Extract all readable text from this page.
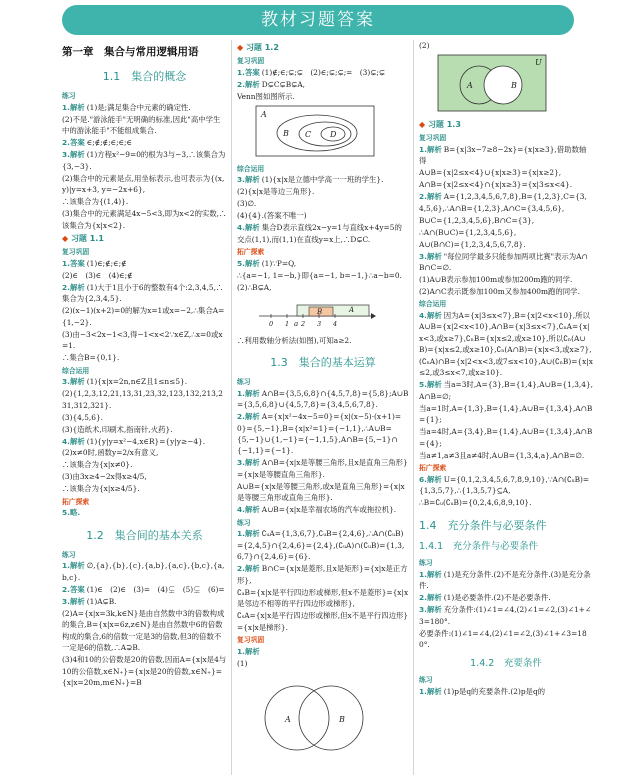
教材习题答案
第一章　集合与常用逻辑用语
1.1　集合的概念
练习
1.解析 (1)是;满足集合中元素的确定性.
(2)不是."游泳能手"无明确的标准,因此"高中学生中的游泳能手"不能组成集合.
2.答案 ∈;∉;∉;∈;∈;∈
3.解析 (1)方程x²−9=0的根为3与−3,∴该集合为{3,−3}.
(2)集合中的元素是点,用坐标表示,也可表示为{(x,y)|y=x+3, y=−2x+6},
∴该集合为{(1,4)}.
(3)集合中的元素满足4x−5<3,即为x<2的实数,∴该集合为{x|x<2}.
◆ 习题 1.1
复习巩固
1.答案 (1)∈;∉;∈;∉
(2)∈　(3)∈　(4)∈;∉
2.解析 (1)大于1且小于6的整数有4个:2,3,4,5,∴集合为{2,3,4,5}.
(2)(x−1)(x+2)=0的解为x=1或x=−2,∴集合A={1,−2}.
(3)由−3<2x−1<3,得−1<x<2∵x∈Z,∴x=0或x=1.
∴集合B={0,1}.
综合运用
3.解析 (1){x|x=2n,n∈Z且1≤n≤5}.
(2){1,2,3,12,21,13,31,23,32,123,132,213,231,312,321}.
(3){4,5,6}.
(3){造纸术,印刷术,指南针,火药}.
4.解析 (1){y|y=x²−4,x∈R}={y|y≥−4}.
(2)x≠0时,函数y=2/x有意义,
∴该集合为{x|x≠0}.
(3)由3x≥4−2x得x≥4/5,
∴该集合为{x|x≥4/5}.
拓广探索
5.略.
1.2　集合间的基本关系
练习
1.解析 ∅,{a},{b},{c},{a,b},{a,c},{b,c},{a,b,c}.
2.答案 (1)∈　(2)∈　(3)=　(4)⊊　(5)⊊　(6)=
3.解析 (1)A⊊B.
(2)A={x|x=3k,k∈N}是由自然数中3的倍数构成的集合,B={x|x=6z,z∈N}是由自然数中6的倍数构成的集合,6的倍数一定是3的倍数,但3的倍数不一定是6的倍数,∴A⊋B.
(3)4和10的公倍数是20的倍数,因而A={x|x是4与10的公倍数,x∈N₊}={x|x是20的倍数,x∈N₊}={x|x=20m,m∈N₊}=B
◆ 习题 1.2
复习巩固
1.答案 (1)∉;∈;⊊;⊊　(2)∈;⊊;⊊;=　(3)⊊;⊊
2.解析 D⊊C⊊B⊊A,
Venn图如图所示.
A
B C D
综合运用
3.解析 (1){x|x是立德中学高一一班的学生}.
(2){x|x是等边三角形}.
(3)∅.
(4){4}.(答案不唯一)
4.解析 集合D表示直线2x−y=1与直线x+4y=5的交点(1,1),而(1,1)在直线y=x上,∴D⊊C.
拓广探索
5.解析 (1)∵P=Q,
∴{a=−1, 1=−b,}即{a=−1, b=−1,}∴a−b=0.
(2)∴B⊊A,
0 1 2 3 4
B	A
a
∴利用数轴分析法(如图),可知a≥2.
1.3　集合的基本运算
练习
1.解析 A∩B={3,5,6,8}∩{4,5,7,8}={5,8};A∪B={3,5,6,8}∪{4,5,7,8}={3,4,5,6,7,8}.
2.解析 A={x|x²−4x−5=0}={x|(x−5)·(x+1)=0}={5,−1},B={x|x²=1}={−1,1},∴A∪B={5,−1}∪{1,−1}={−1,1,5},A∩B={5,−1}∩{−1,1}={−1}.
3.解析 A∩B={x|x是等腰三角形,且x是直角三角形}={x|x是等腰直角三角形}.
A∪B={x|x是等腰三角形,或x是直角三角形}={x|x是等腰三角形或直角三角形}.
4.解析 A∪B={x|x是幸福农场的汽车或拖拉机}.
练习
1.解析 ∁ᵤA={1,3,6,7},∁ᵤB={2,4,6},∴A∩(∁ᵤB)={2,4,5}∩{2,4,6}={2,4},(∁ᵤA)∩(∁ᵤB)={1,3,6,7}∩{2,4,6}={6}.
2.解析 B∩C={x|x是菱形,且x是矩形}={x|x是正方形},
∁ₐB={x|x是平行四边形或梯形,但x不是菱形}={x|x是邻边不相等的平行四边形或梯形},
∁ₛA={x|x是平行四边形或梯形,但x不是平行四边形}={x|x是梯形}.
复习巩固
1.解析
(1)
A	B
(2)
A	B
U
◆ 习题 1.3
复习巩固
1.解析 B={x|3x−7≥8−2x}={x|x≥3},借助数轴得
A∪B={x|2≤x<4}∪{x|x≥3}={x|x≥2},
A∩B={x|2≤x<4}∩{x|x≥3}={x|3≤x<4}.
2.解析 A={1,2,3,4,5,6,7,8},B={1,2,3},C={3,4,5,6},∴A∩B={1,2,3},A∩C={3,4,5,6},
B∪C={1,2,3,4,5,6},B∩C={3},
∴A∩(B∪C)={1,2,3,4,5,6},
A∪(B∩C)={1,2,3,4,5,6,7,8}.
3.解析 "每位同学最多只能参加两项比赛"表示为A∩B∩C=∅.
(1)A∪B表示参加100m或参加200m跑的同学.
(2)A∩C表示既参加100m又参加400m跑的同学.
综合运用
4.解析 因为A={x|3≤x<7},B={x|2<x<10},所以A∪B={x|2<x<10},A∩B={x|3≤x<7},∁ₙA={x|x<3,或x≥7},∁ₙB={x|x≤2,或x≥10},所以∁ₙ(A∪B)={x|x≤2,或x≥10},∁ₙ(A∩B)={x|x<3,或x≥7},(∁ₙA)∩B={x|2<x<3,或7≤x<10},A∪(∁ₙB)={x|x≤2,或3≤x<7,或x≥10}.
5.解析 当a=3时,A={3},B={1,4},A∪B={1,3,4},A∩B=∅;
当a=1时,A={1,3},B={1,4},A∪B={1,3,4},A∩B={1};
当a=4时,A={3,4},B={1,4},A∪B={1,3,4},A∩B={4};
当a≠1,a≠3且a≠4时,A∪B={1,3,4,a},A∩B=∅.
拓广探索
6.解析 U={0,1,2,3,4,5,6,7,8,9,10},∵A∩(∁ᵤB)={1,3,5,7},∴{1,3,5,7}⊆A,
∴B=∁ᵤ(∁ᵤB)={0,2,4,6,8,9,10}.
1.4　充分条件与必要条件
1.4.1　充分条件与必要条件
练习
1.解析 (1)是充分条件.(2)不是充分条件.(3)是充分条件.
2.解析 (1)是必要条件.(2)不是必要条件.
3.解析 充分条件:(1)∠1=∠4,(2)∠1=∠2,(3)∠1+∠3=180°.
必要条件:(1)∠1=∠4,(2)∠1=∠2,(3)∠1+∠3=180°.
1.4.2　充要条件
练习
1.解析 (1)p是q的充要条件.(2)p是q的
